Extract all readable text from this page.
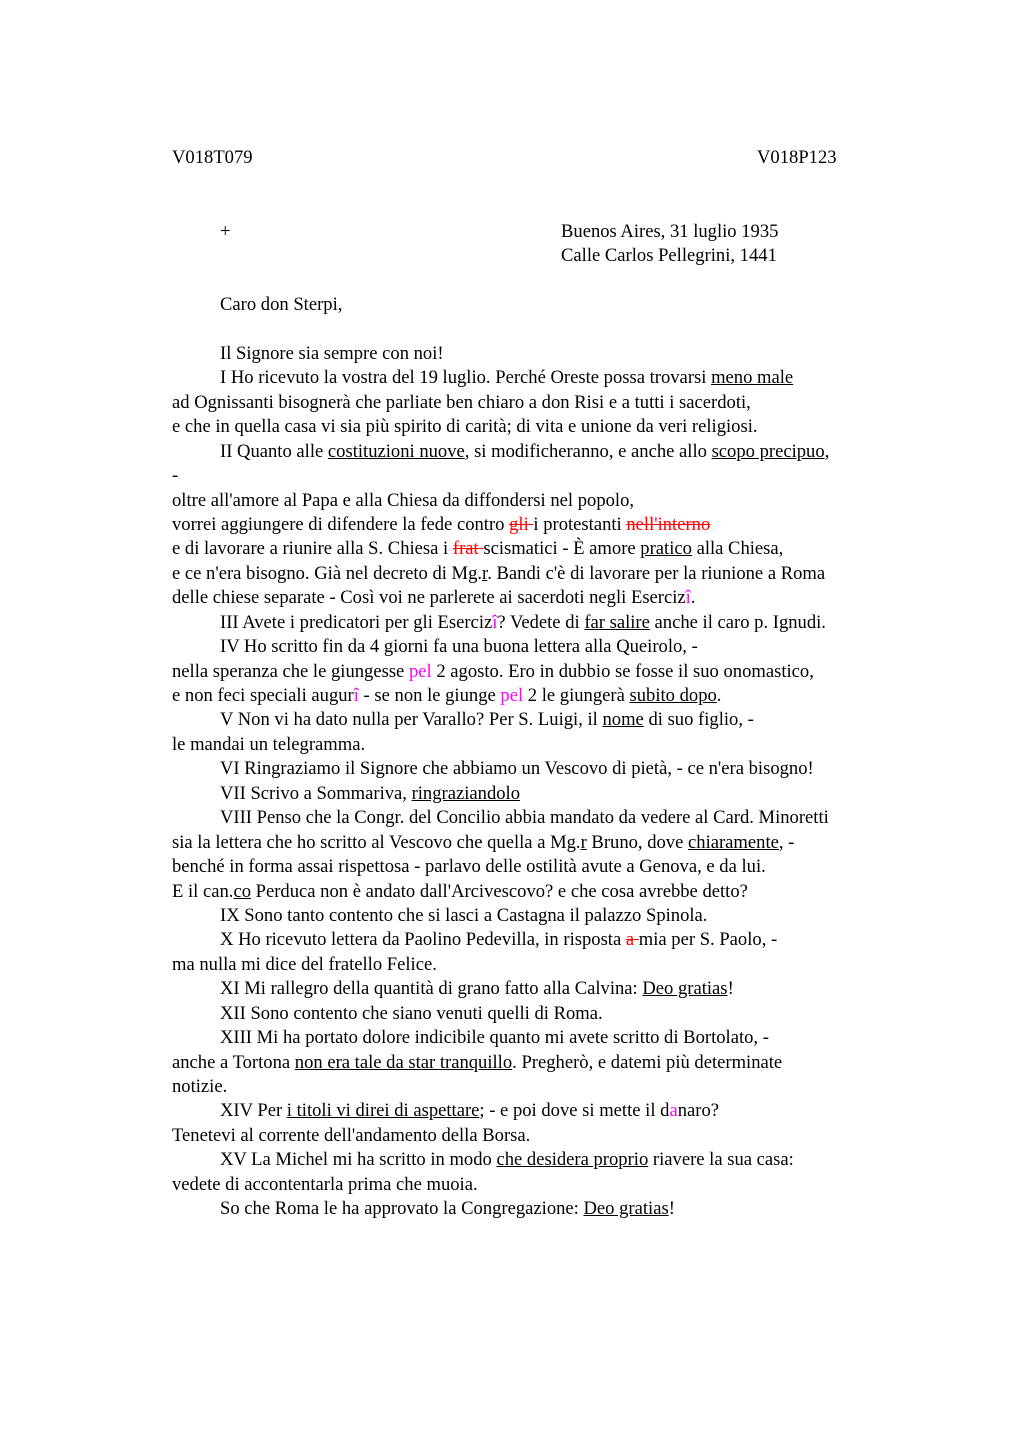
V018T079	V018P123
+	Buenos Aires, 31 luglio 1935
Calle Carlos Pellegrini, 1441
Caro don Sterpi,
Il Signore sia sempre con noi!
I Ho ricevuto la vostra del 19 luglio. Perché Oreste possa trovarsi meno male
ad Ognissanti bisognerà che parliate ben chiaro a don Risi e a tutti i sacerdoti,
e che in quella casa vi sia più spirito di carità; di vita e unione da veri religiosi.
II Quanto alle costituzioni nuove, si modificheranno, e anche allo scopo precipuo,
-
oltre all'amore al Papa e alla Chiesa da diffondersi nel popolo,
vorrei aggiungere di difendere la fede contro gli i protestanti nell'interno
e di lavorare a riunire alla S. Chiesa i frat scismatici - È amore pratico alla Chiesa,
e ce n'era bisogno. Già nel decreto di Mg.r. Bandi c'è di lavorare per la riunione a Roma
delle chiese separate - Così voi ne parlerete ai sacerdoti negli Esercizî.
III Avete i predicatori per gli Esercizî? Vedete di far salire anche il caro p. Ignudi.
IV Ho scritto fin da 4 giorni fa una buona lettera alla Queirolo, -
nella speranza che le giungesse pel 2 agosto. Ero in dubbio se fosse il suo onomastico,
e non feci speciali augurî - se non le giunge pel 2 le giungerà subito dopo.
V Non vi ha dato nulla per Varallo? Per S. Luigi, il nome di suo figlio, -
le mandai un telegramma.
VI Ringraziamo il Signore che abbiamo un Vescovo di pietà, - ce n'era bisogno!
VII Scrivo a Sommariva, ringraziandolo
VIII Penso che la Congr. del Concilio abbia mandato da vedere al Card. Minoretti
sia la lettera che ho scritto al Vescovo che quella a Mg.r Bruno, dove chiaramente, -
benché in forma assai rispettosa - parlavo delle ostilità avute a Genova, e da lui.
E il can.co Perduca non è andato dall'Arcivescovo? e che cosa avrebbe detto?
IX Sono tanto contento che si lasci a Castagna il palazzo Spinola.
X Ho ricevuto lettera da Paolino Pedevilla, in risposta a mia per S. Paolo, -
ma nulla mi dice del fratello Felice.
XI Mi rallegro della quantità di grano fatto alla Calvina: Deo gratias!
XII Sono contento che siano venuti quelli di Roma.
XIII Mi ha portato dolore indicibile quanto mi avete scritto di Bortolato, -
anche a Tortona non era tale da star tranquillo. Pregherò, e datemi più determinate
notizie.
XIV Per i titoli vi direi di aspettare; - e poi dove si mette il danaro?
Tenetevi al corrente dell'andamento della Borsa.
XV La Michel mi ha scritto in modo che desidera proprio riavere la sua casa:
vedete di accontentarla prima che muoia.
So che Roma le ha approvato la Congregazione: Deo gratias!
